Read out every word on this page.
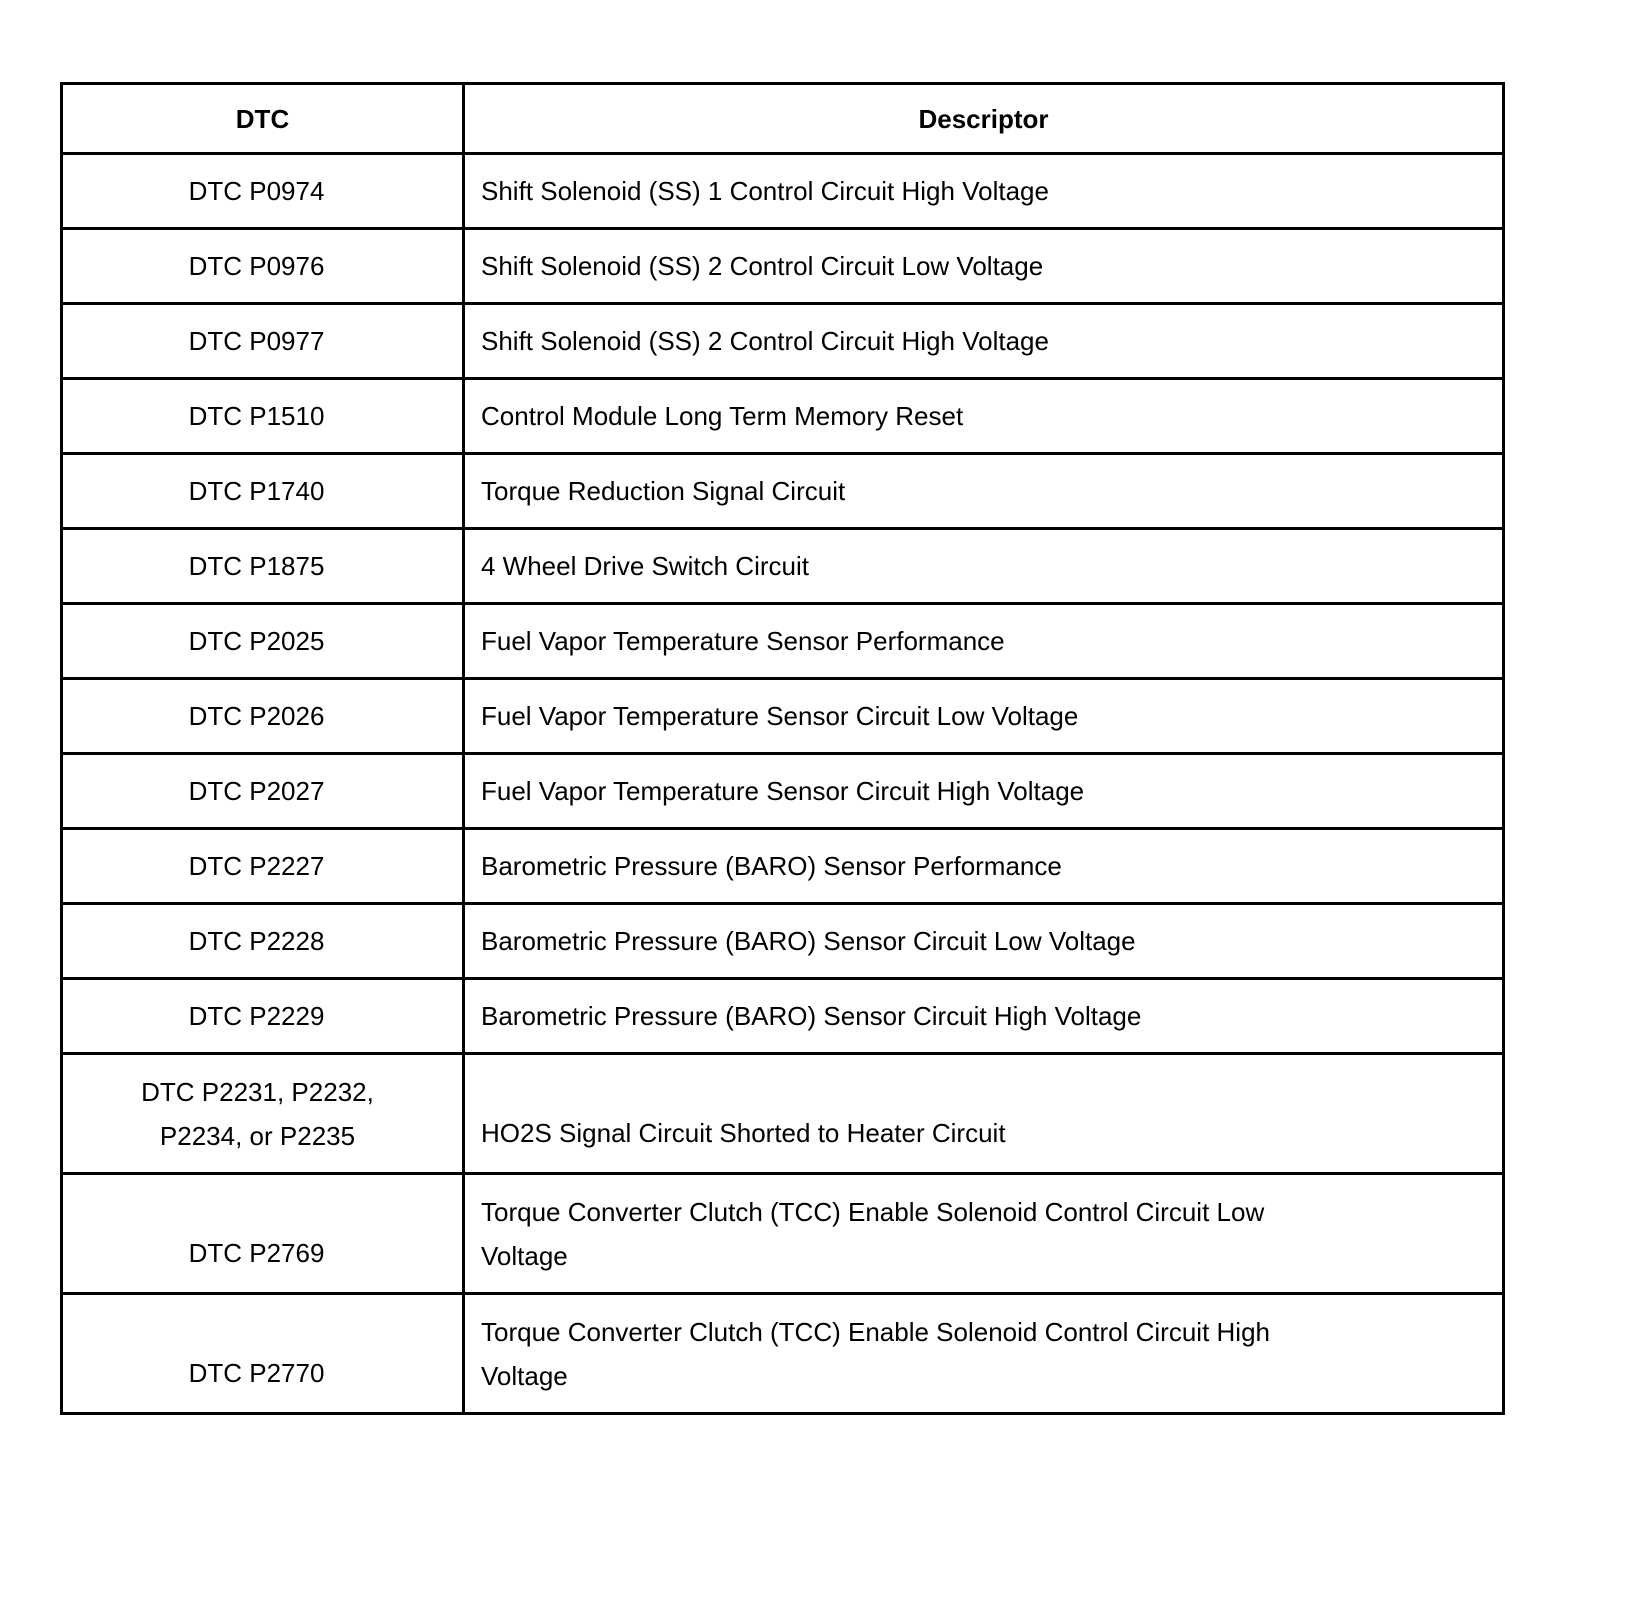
DTC	Descriptor
DTC P0974	Shift Solenoid (SS) 1 Control Circuit High Voltage
DTC P0976	Shift Solenoid (SS) 2 Control Circuit Low Voltage
DTC P0977	Shift Solenoid (SS) 2 Control Circuit High Voltage
DTC P1510	Control Module Long Term Memory Reset
DTC P1740	Torque Reduction Signal Circuit
DTC P1875	4 Wheel Drive Switch Circuit
DTC P2025	Fuel Vapor Temperature Sensor Performance
DTC P2026	Fuel Vapor Temperature Sensor Circuit Low Voltage
DTC P2027	Fuel Vapor Temperature Sensor Circuit High Voltage
DTC P2227	Barometric Pressure (BARO) Sensor Performance
DTC P2228	Barometric Pressure (BARO) Sensor Circuit Low Voltage
DTC P2229	Barometric Pressure (BARO) Sensor Circuit High Voltage
DTC P2231, P2232, P2234, or P2235	HO2S Signal Circuit Shorted to Heater Circuit
DTC P2769	Torque Converter Clutch (TCC) Enable Solenoid Control Circuit Low Voltage
DTC P2770	Torque Converter Clutch (TCC) Enable Solenoid Control Circuit High Voltage
